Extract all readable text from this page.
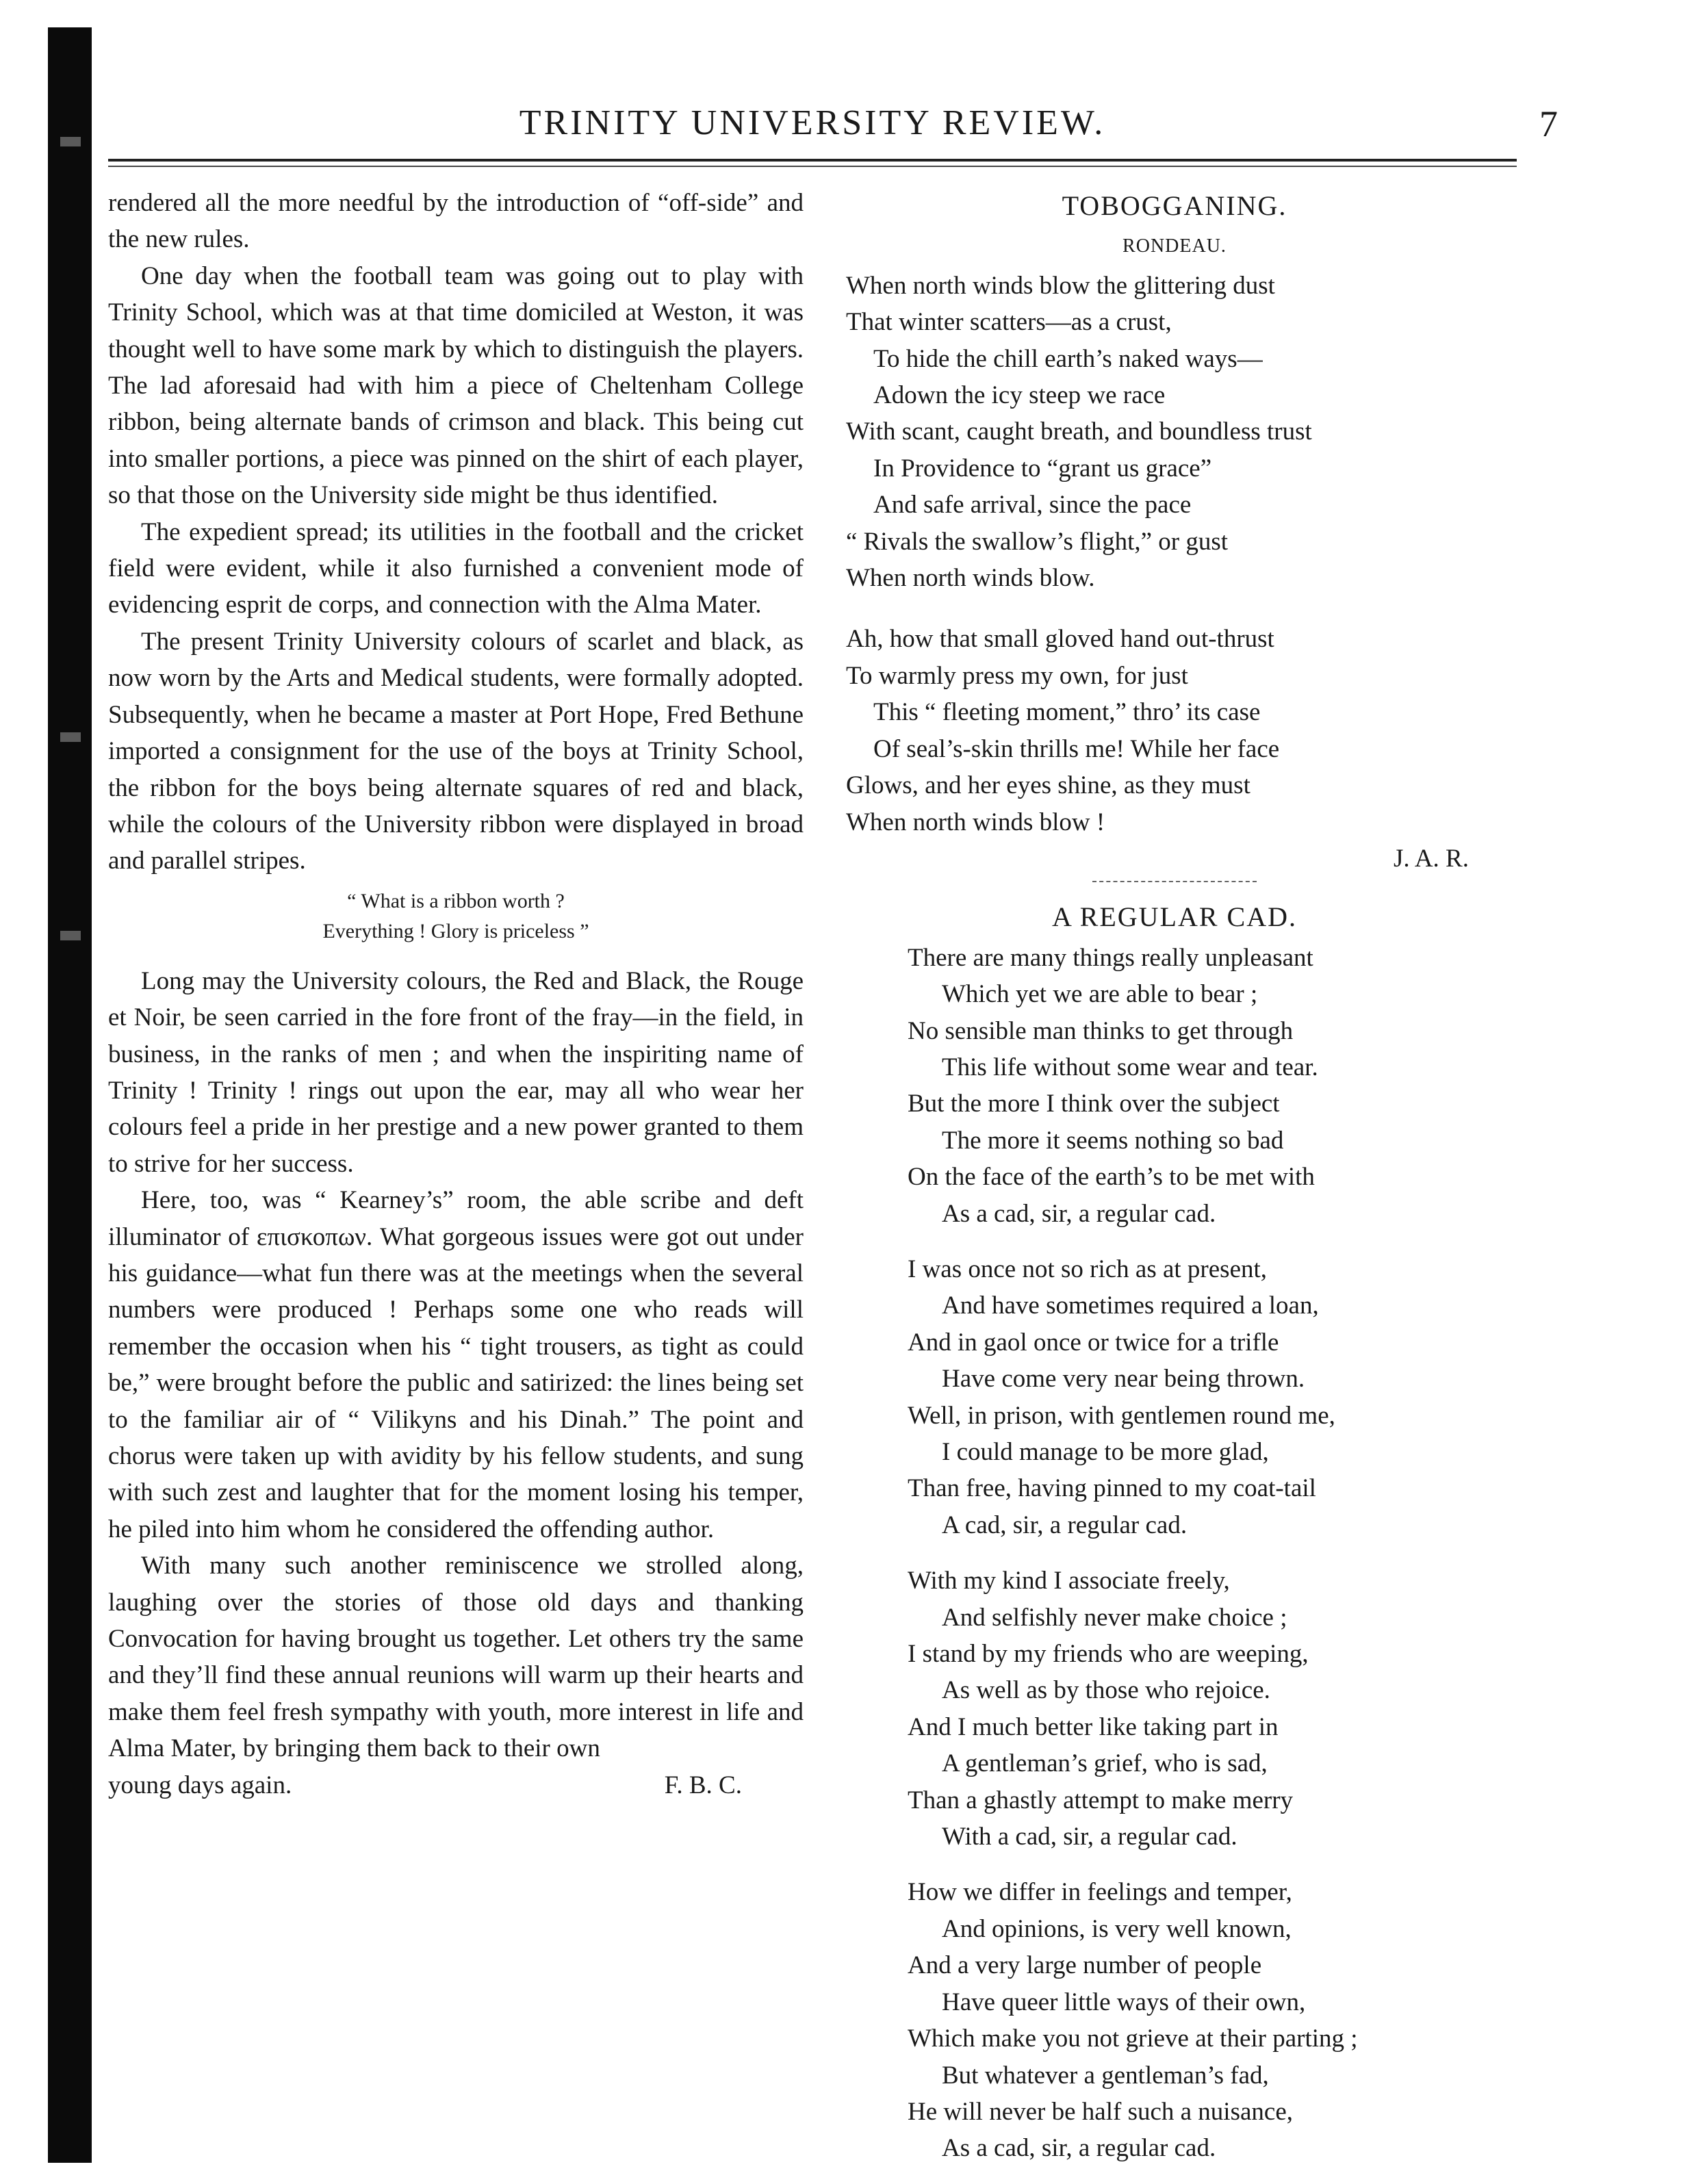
TRINITY UNIVERSITY REVIEW.	7

rendered all the more needful by the introduction of “off-side” and the new rules.

One day when the football team was going out to play with Trinity School, which was at that time domiciled at Weston, it was thought well to have some mark by which to distinguish the players. The lad aforesaid had with him a piece of Cheltenham College ribbon, being alternate bands of crimson and black. This being cut into smaller portions, a piece was pinned on the shirt of each player, so that those on the University side might be thus identified.

The expedient spread; its utilities in the football and the cricket field were evident, while it also furnished a convenient mode of evidencing esprit de corps, and connection with the Alma Mater.

The present Trinity University colours of scarlet and black, as now worn by the Arts and Medical students, were formally adopted. Subsequently, when he became a master at Port Hope, Fred Bethune imported a consignment for the use of the boys at Trinity School, the ribbon for the boys being alternate squares of red and black, while the colours of the University ribbon were displayed in broad and parallel stripes.

“ What is a ribbon worth ?
Everything ! Glory is priceless ”

Long may the University colours, the Red and Black, the Rouge et Noir, be seen carried in the fore front of the fray—in the field, in business, in the ranks of men ; and when the inspiriting name of Trinity ! Trinity ! rings out upon the ear, may all who wear her colours feel a pride in her prestige and a new power granted to them to strive for her success.

Here, too, was “ Kearney’s” room, the able scribe and deft illuminator of επισκοπων. What gorgeous issues were got out under his guidance—what fun there was at the meetings when the several numbers were produced ! Perhaps some one who reads will remember the occasion when his “ tight trousers, as tight as could be,” were brought before the public and satirized: the lines being set to the familiar air of “ Vilikyns and his Dinah.” The point and chorus were taken up with avidity by his fellow students, and sung with such zest and laughter that for the moment losing his temper, he piled into him whom he considered the offending author.

With many such another reminiscence we strolled along, laughing over the stories of those old days and thanking Convocation for having brought us together. Let others try the same and they’ll find these annual reunions will warm up their hearts and make them feel fresh sympathy with youth, more interest in life and Alma Mater, by bringing them back to their own

young days again.	F. B. C.
TOBOGGANING.
RONDEAU.
When north winds blow the glittering dust
That winter scatters—as a crust,
To hide the chill earth’s naked ways—
Adown the icy steep we race
With scant, caught breath, and boundless trust
In Providence to “grant us grace”
And safe arrival, since the pace
“ Rivals the swallow’s flight,” or gust
When north winds blow.
Ah, how that small gloved hand out-thrust
To warmly press my own, for just
This “ fleeting moment,” thro’ its case
Of seal’s-skin thrills me! While her face
Glows, and her eyes shine, as they must
When north winds blow !
J. A. R.
A REGULAR CAD.
There are many things really unpleasant
Which yet we are able to bear ;
No sensible man thinks to get through
This life without some wear and tear.
But the more I think over the subject
The more it seems nothing so bad
On the face of the earth’s to be met with
As a cad, sir, a regular cad.
I was once not so rich as at present,
And have sometimes required a loan,
And in gaol once or twice for a trifle
Have come very near being thrown.
Well, in prison, with gentlemen round me,
I could manage to be more glad,
Than free, having pinned to my coat-tail
A cad, sir, a regular cad.
With my kind I associate freely,
And selfishly never make choice ;
I stand by my friends who are weeping,
As well as by those who rejoice.
And I much better like taking part in
A gentleman’s grief, who is sad,
Than a ghastly attempt to make merry
With a cad, sir, a regular cad.
How we differ in feelings and temper,
And opinions, is very well known,
And a very large number of people
Have queer little ways of their own,
Which make you not grieve at their parting ;
But whatever a gentleman’s fad,
He will never be half such a nuisance,
As a cad, sir, a regular cad.
